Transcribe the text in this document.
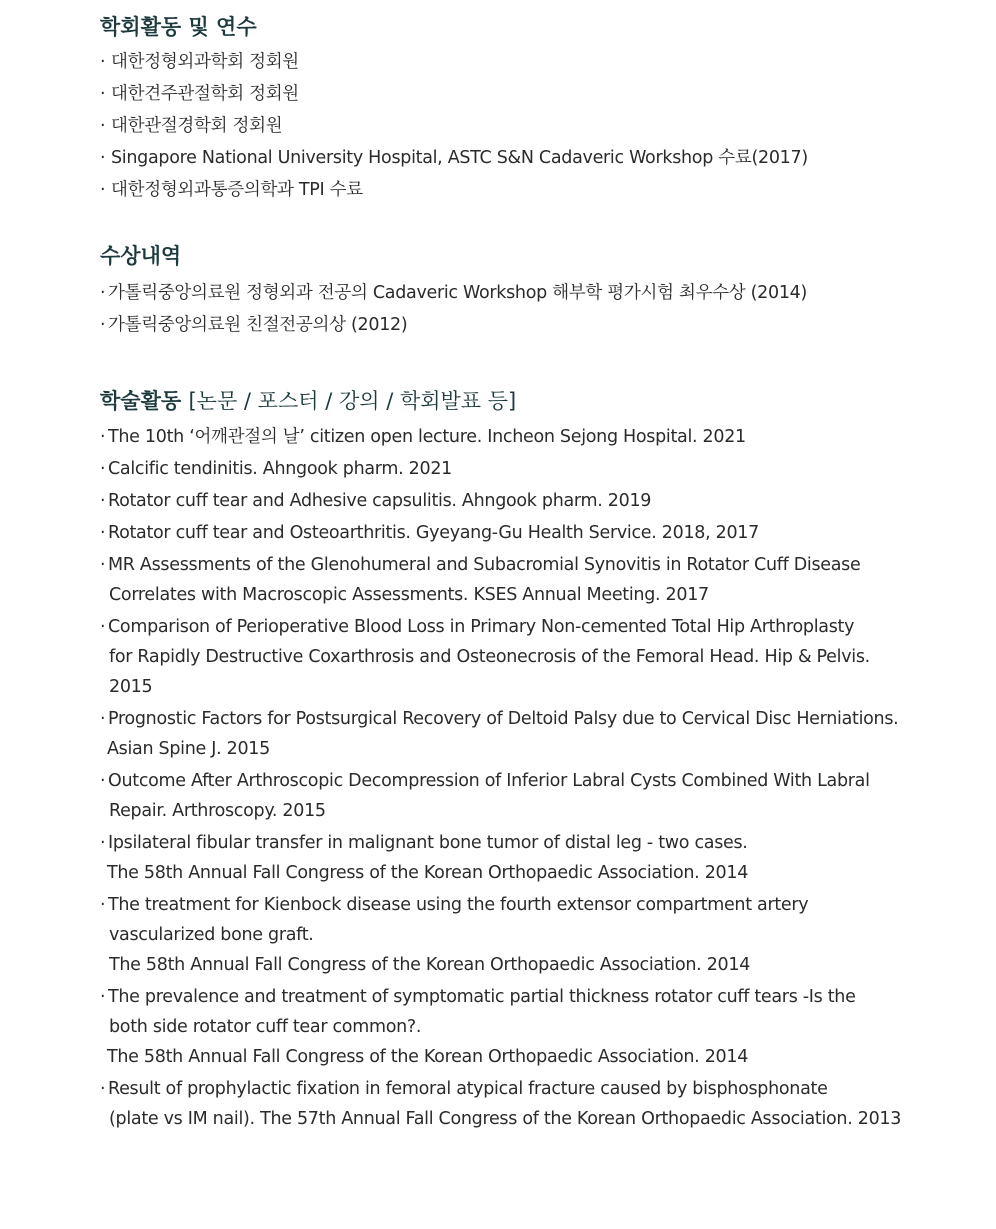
학회활동 및 연수
· 대한정형외과학회 정회원
· 대한견주관절학회 정회원
· 대한관절경학회 정회원
· Singapore National University Hospital, ASTC S&N Cadaveric Workshop 수료(2017)
· 대한정형외과통증의학과 TPI 수료
수상내역
· 가톨릭중앙의료원 정형외과 전공의 Cadaveric Workshop 해부학 평가시험 최우수상 (2014)
· 가톨릭중앙의료원 친절전공의상 (2012)
학술활동 [논문 / 포스터 / 강의 / 학회발표 등]
· The 10th ‘어깨관절의 날’ citizen open lecture. Incheon Sejong Hospital. 2021
· Calcific tendinitis. Ahngook pharm. 2021
· Rotator cuff tear and Adhesive capsulitis. Ahngook pharm. 2019
· Rotator cuff tear and Osteoarthritis. Gyeyang-Gu Health Service. 2018, 2017
· MR Assessments of the Glenohumeral and Subacromial Synovitis in Rotator Cuff Disease
Correlates with Macroscopic Assessments. KSES Annual Meeting. 2017
· Comparison of Perioperative Blood Loss in Primary Non-cemented Total Hip Arthroplasty
for Rapidly Destructive Coxarthrosis and Osteonecrosis of the Femoral Head. Hip & Pelvis.
2015
· Prognostic Factors for Postsurgical Recovery of Deltoid Palsy due to Cervical Disc Herniations.
Asian Spine J. 2015
· Outcome After Arthroscopic Decompression of Inferior Labral Cysts Combined With Labral
Repair. Arthroscopy. 2015
· Ipsilateral fibular transfer in malignant bone tumor of distal leg - two cases.
The 58th Annual Fall Congress of the Korean Orthopaedic Association. 2014
· The treatment for Kienbock disease using the fourth extensor compartment artery
vascularized bone graft.
The 58th Annual Fall Congress of the Korean Orthopaedic Association. 2014
· The prevalence and treatment of symptomatic partial thickness rotator cuff tears -Is the
both side rotator cuff tear common?.
The 58th Annual Fall Congress of the Korean Orthopaedic Association. 2014
· Result of prophylactic fixation in femoral atypical fracture caused by bisphosphonate
(plate vs IM nail). The 57th Annual Fall Congress of the Korean Orthopaedic Association. 2013
